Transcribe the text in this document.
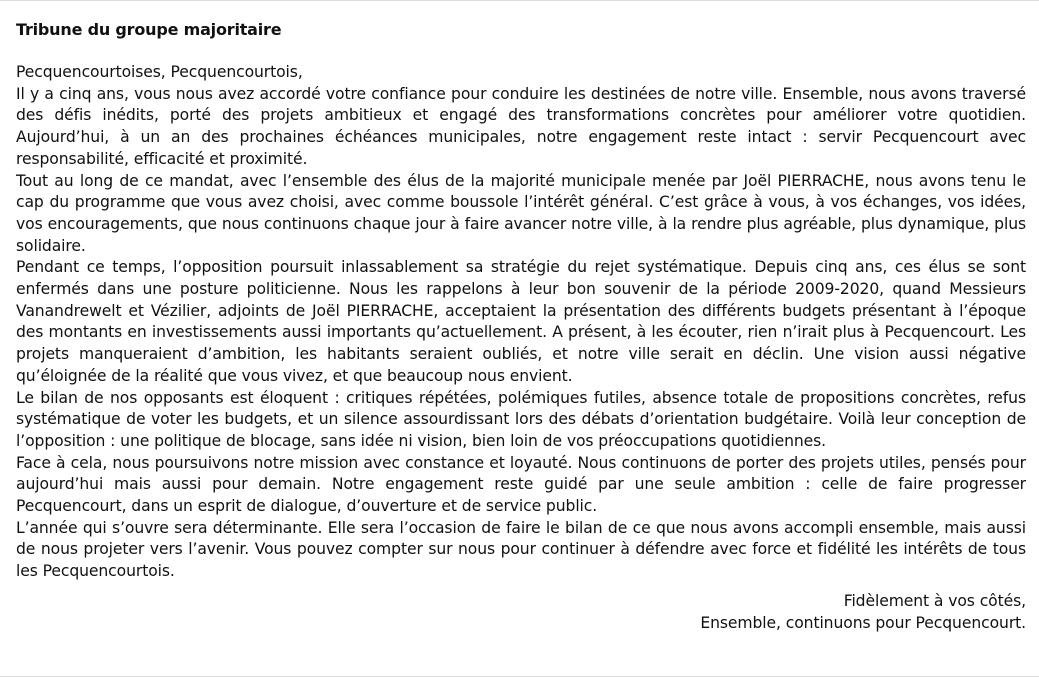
Tribune du groupe majoritaire

Pecquencourtoises, Pecquencourtois,

Il y a cinq ans, vous nous avez accordé votre confiance pour conduire les destinées de notre ville. Ensemble, nous avons traversé des défis inédits, porté des projets ambitieux et engagé des transformations concrètes pour améliorer votre quotidien. Aujourd’hui, à un an des prochaines échéances municipales, notre engagement reste intact : servir Pecquencourt avec responsabilité, efficacité et proximité.

Tout au long de ce mandat, avec l’ensemble des élus de la majorité municipale menée par Joël PIERRACHE, nous avons tenu le cap du programme que vous avez choisi, avec comme boussole l’intérêt général. C’est grâce à vous, à vos échanges, vos idées, vos encouragements, que nous continuons chaque jour à faire avancer notre ville, à la rendre plus agréable, plus dynamique, plus solidaire.

Pendant ce temps, l’opposition poursuit inlassablement sa stratégie du rejet systématique. Depuis cinq ans, ces élus se sont enfermés dans une posture politicienne. Nous les rappelons à leur bon souvenir de la période 2009-2020, quand Messieurs Vanandrewelt et Vézilier, adjoints de Joël PIERRACHE, acceptaient la présentation des différents budgets présentant à l’époque des montants en investissements aussi importants qu’actuellement. A présent, à les écouter, rien n’irait plus à Pecquencourt. Les projets manqueraient d’ambition, les habitants seraient oubliés, et notre ville serait en déclin. Une vision aussi négative qu’éloignée de la réalité que vous vivez, et que beaucoup nous envient.

Le bilan de nos opposants est éloquent : critiques répétées, polémiques futiles, absence totale de propositions concrètes, refus systématique de voter les budgets, et un silence assourdissant lors des débats d’orientation budgétaire. Voilà leur conception de l’opposition : une politique de blocage, sans idée ni vision, bien loin de vos préoccupations quotidiennes.

Face à cela, nous poursuivons notre mission avec constance et loyauté. Nous continuons de porter des projets utiles, pensés pour aujourd’hui mais aussi pour demain. Notre engagement reste guidé par une seule ambition : celle de faire progresser Pecquencourt, dans un esprit de dialogue, d’ouverture et de service public.

L’année qui s’ouvre sera déterminante. Elle sera l’occasion de faire le bilan de ce que nous avons accompli ensemble, mais aussi de nous projeter vers l’avenir. Vous pouvez compter sur nous pour continuer à défendre avec force et fidélité les intérêts de tous les Pecquencourtois.

Fidèlement à vos côtés,
Ensemble, continuons pour Pecquencourt.
